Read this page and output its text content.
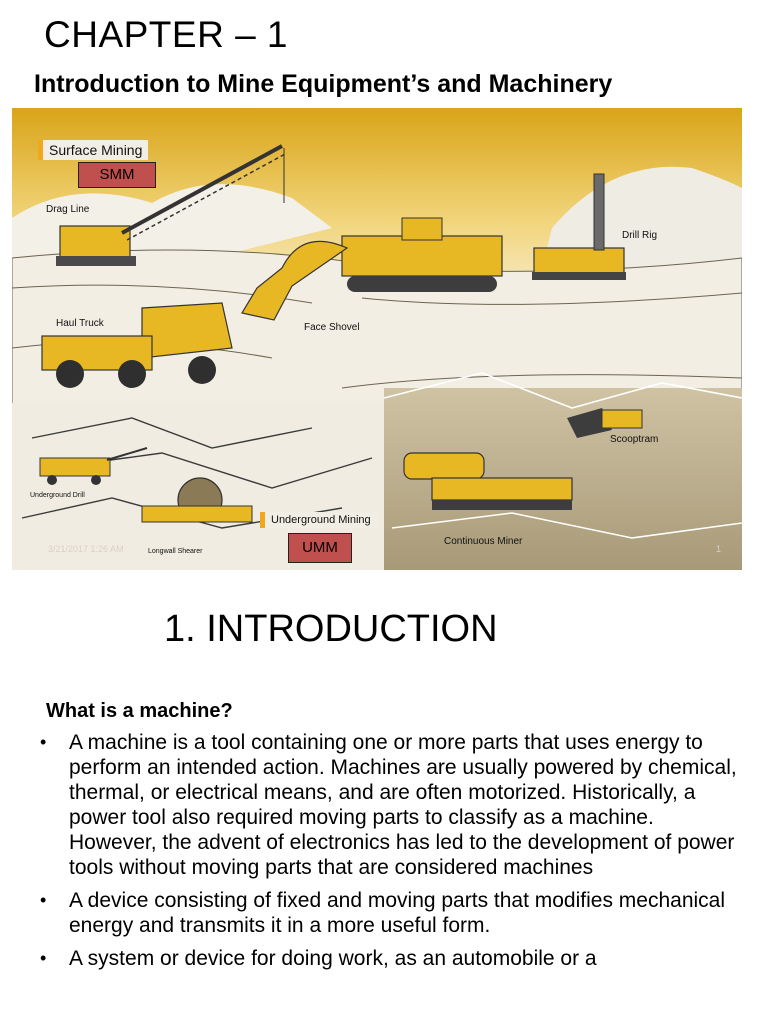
CHAPTER – 1
Introduction to Mine Equipment’s and Machinery
Surface Mining
SMM
Underground Mining
UMM
Drag Line
Drill Rig
Haul Truck	Face Shovel
Scooptram
Underground Drill
Longwall Shearer
Continuous Miner
3/21/2017 1:26 AM	1
1. INTRODUCTION
What is a machine?
• A machine is a tool containing one or more parts that uses energy to perform an intended action. Machines are usually powered by chemical, thermal, or electrical means, and are often motorized. Historically, a power tool also required moving parts to classify as a machine. However, the advent of electronics has led to the development of power tools without moving parts that are considered machines
• A device consisting of fixed and moving parts that modifies mechanical energy and transmits it in a more useful form.
• A system or device for doing work, as an automobile or a
